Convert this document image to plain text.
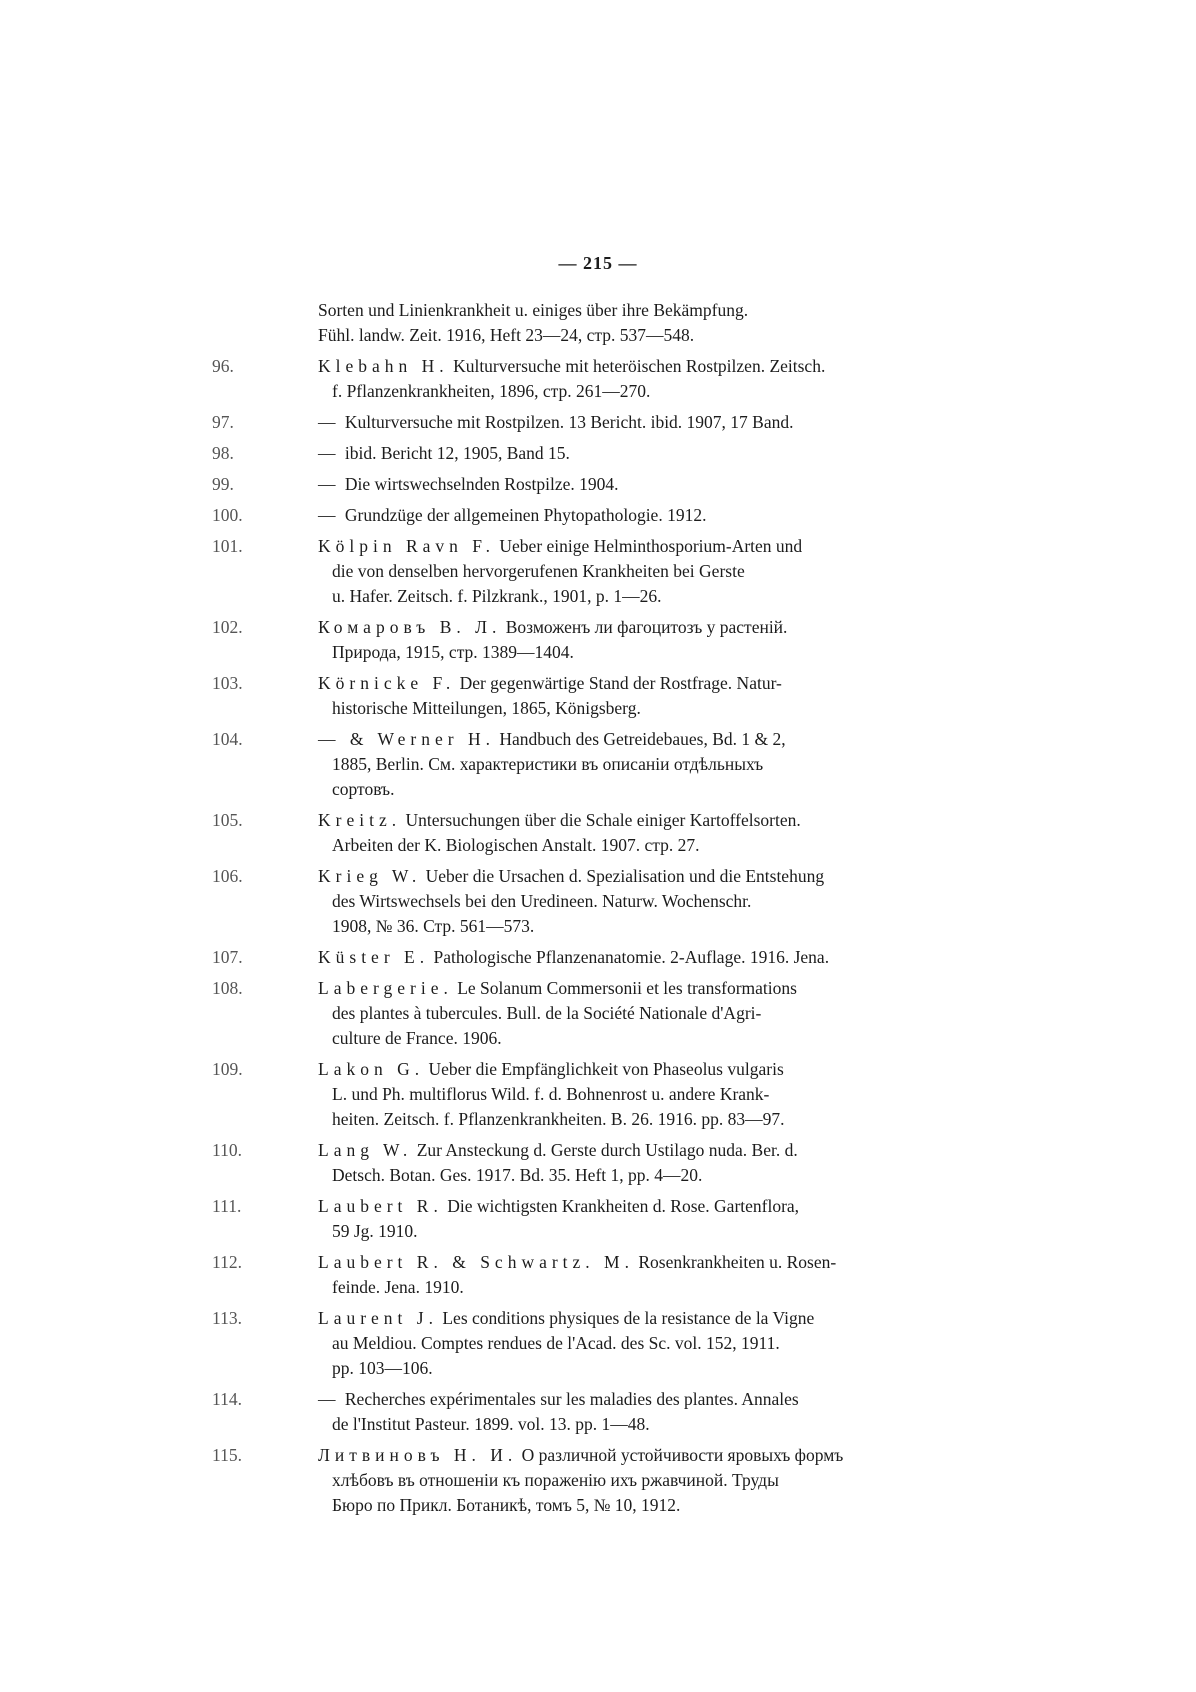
— 215 —
Sorten und Linienkrankheit u. einiges über ihre Bekämpfung.
Fühl. landw. Zeit. 1916, Heft 23—24, стр. 537—548.
96.	Klebahn H. Kulturversuche mit heteröischen Rostpilzen. Zeitsch.
f. Pflanzenkrankheiten, 1896, стр. 261—270.
97.	— Kulturversuche mit Rostpilzen. 13 Bericht. ibid. 1907, 17 Band.
98.	— ibid. Bericht 12, 1905, Band 15.
99.	— Die wirtswechselnden Rostpilze. 1904.
100.	— Grundzüge der allgemeinen Phytopathologie. 1912.
101.	Kölpin Ravn F. Ueber einige Helminthosporium-Arten und
die von denselben hervorgerufenen Krankheiten bei Gerste
u. Hafer. Zeitsch. f. Pilzkrank., 1901, p. 1—26.
102.	Комаровъ В. Л. Возможенъ ли фагоцитозъ у растеній.
Природа, 1915, стр. 1389—1404.
103.	Körnicke F. Der gegenwärtige Stand der Rostfrage. Natur-
historische Mitteilungen, 1865, Königsberg.
104.	— & Werner H. Handbuch des Getreidebaues, Bd. 1 & 2,
1885, Berlin. См. характеристики въ описаніи отдѣльныхъ
сортовъ.
105.	Kreitz. Untersuchungen über die Schale einiger Kartoffelsorten.
Arbeiten der K. Biologischen Anstalt. 1907. стр. 27.
106.	Krieg W. Ueber die Ursachen d. Spezialisation und die Entstehung
des Wirtswechsels bei den Uredineen. Naturw. Wochenschr.
1908, № 36. Стр. 561—573.
107.	Küster E. Pathologische Pflanzenanatomie. 2-Auflage. 1916. Jena.
108.	Labergerie. Le Solanum Commersonii et les transformations
des plantes à tubercules. Bull. de la Société Nationale d'Agri-
culture de France. 1906.
109.	Lakon G. Ueber die Empfänglichkeit von Phaseolus vulgaris
L. und Ph. multiflorus Wild. f. d. Bohnenrost u. andere Krank-
heiten. Zeitsch. f. Pflanzenkrankheiten. B. 26. 1916. pp. 83—97.
110.	Lang W. Zur Ansteckung d. Gerste durch Ustilago nuda. Ber. d.
Detsch. Botan. Ges. 1917. Bd. 35. Heft 1, pp. 4—20.
111.	Laubert R. Die wichtigsten Krankheiten d. Rose. Gartenflora,
59 Jg. 1910.
112.	Laubert R. & Schwartz. M. Rosenkrankheiten u. Rosen-
feinde. Jena. 1910.
113.	Laurent J. Les conditions physiques de la resistance de la Vigne
au Meldiou. Comptes rendues de l'Acad. des Sc. vol. 152, 1911.
pp. 103—106.
114.	— Recherches expérimentales sur les maladies des plantes. Annales
de l'Institut Pasteur. 1899. vol. 13. pp. 1—48.
115.	Литвиновъ Н. И. О различной устойчивости яровыхъ формъ
хлѣбовъ въ отношеніи къ пораженію ихъ ржавчиной. Труды
Бюро по Прикл. Ботаникѣ, томъ 5, № 10, 1912.
